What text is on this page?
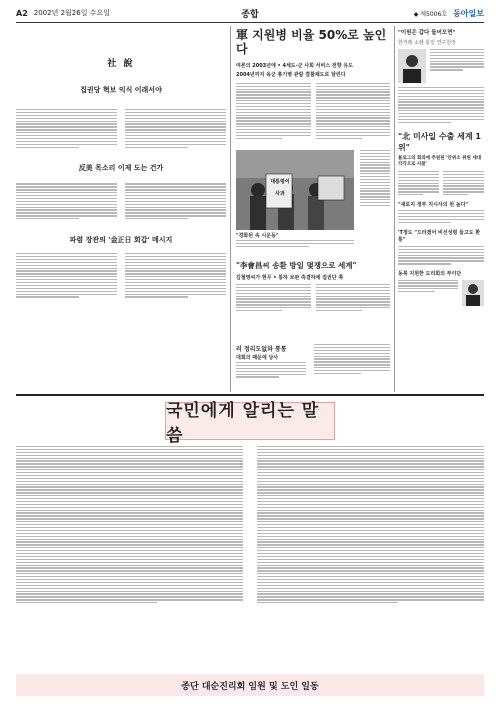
A2 2002년 2월26일 수요일	종합	◆ 제5006호 동아일보
社 說
집권당 혁보 익식 이래서야
反美 목소리 이제 도는 건가
파렴 장관의 '金正日 회갑' 메시지
軍 지원병 비율 50%로 높인다
여론의 2003년에 • 4세도-군 사회 서비스 전향 유도
2004년까지 육군 총기병 관람 결찰제도로 달린다
대통령이
사과
"경화된 속 시운동"
"李會昌씨 송환 방일 몇쟁으로 세계"
김철영씨가 현무 • 통하 보완 측결하에 집권단 쪽
러 정리도없와 통통
대회의 때문에 당사
"이원은 갑다 들어오면"
한겨레 소렌 통일 연구원장
"北 미사일 수출 세계 1위"
블로그의 회의에 추원된 '안위소 위원 세대각각으로 사찰'
"새로지 정부 지시사의 원 높다"
'T정도 "드라겠어 비선성령 들고도 환통"
동북 지원한 도리회의 부이단
국민에게 알리는 말씀
종단 대순진리회 임원 및 도인 일동
